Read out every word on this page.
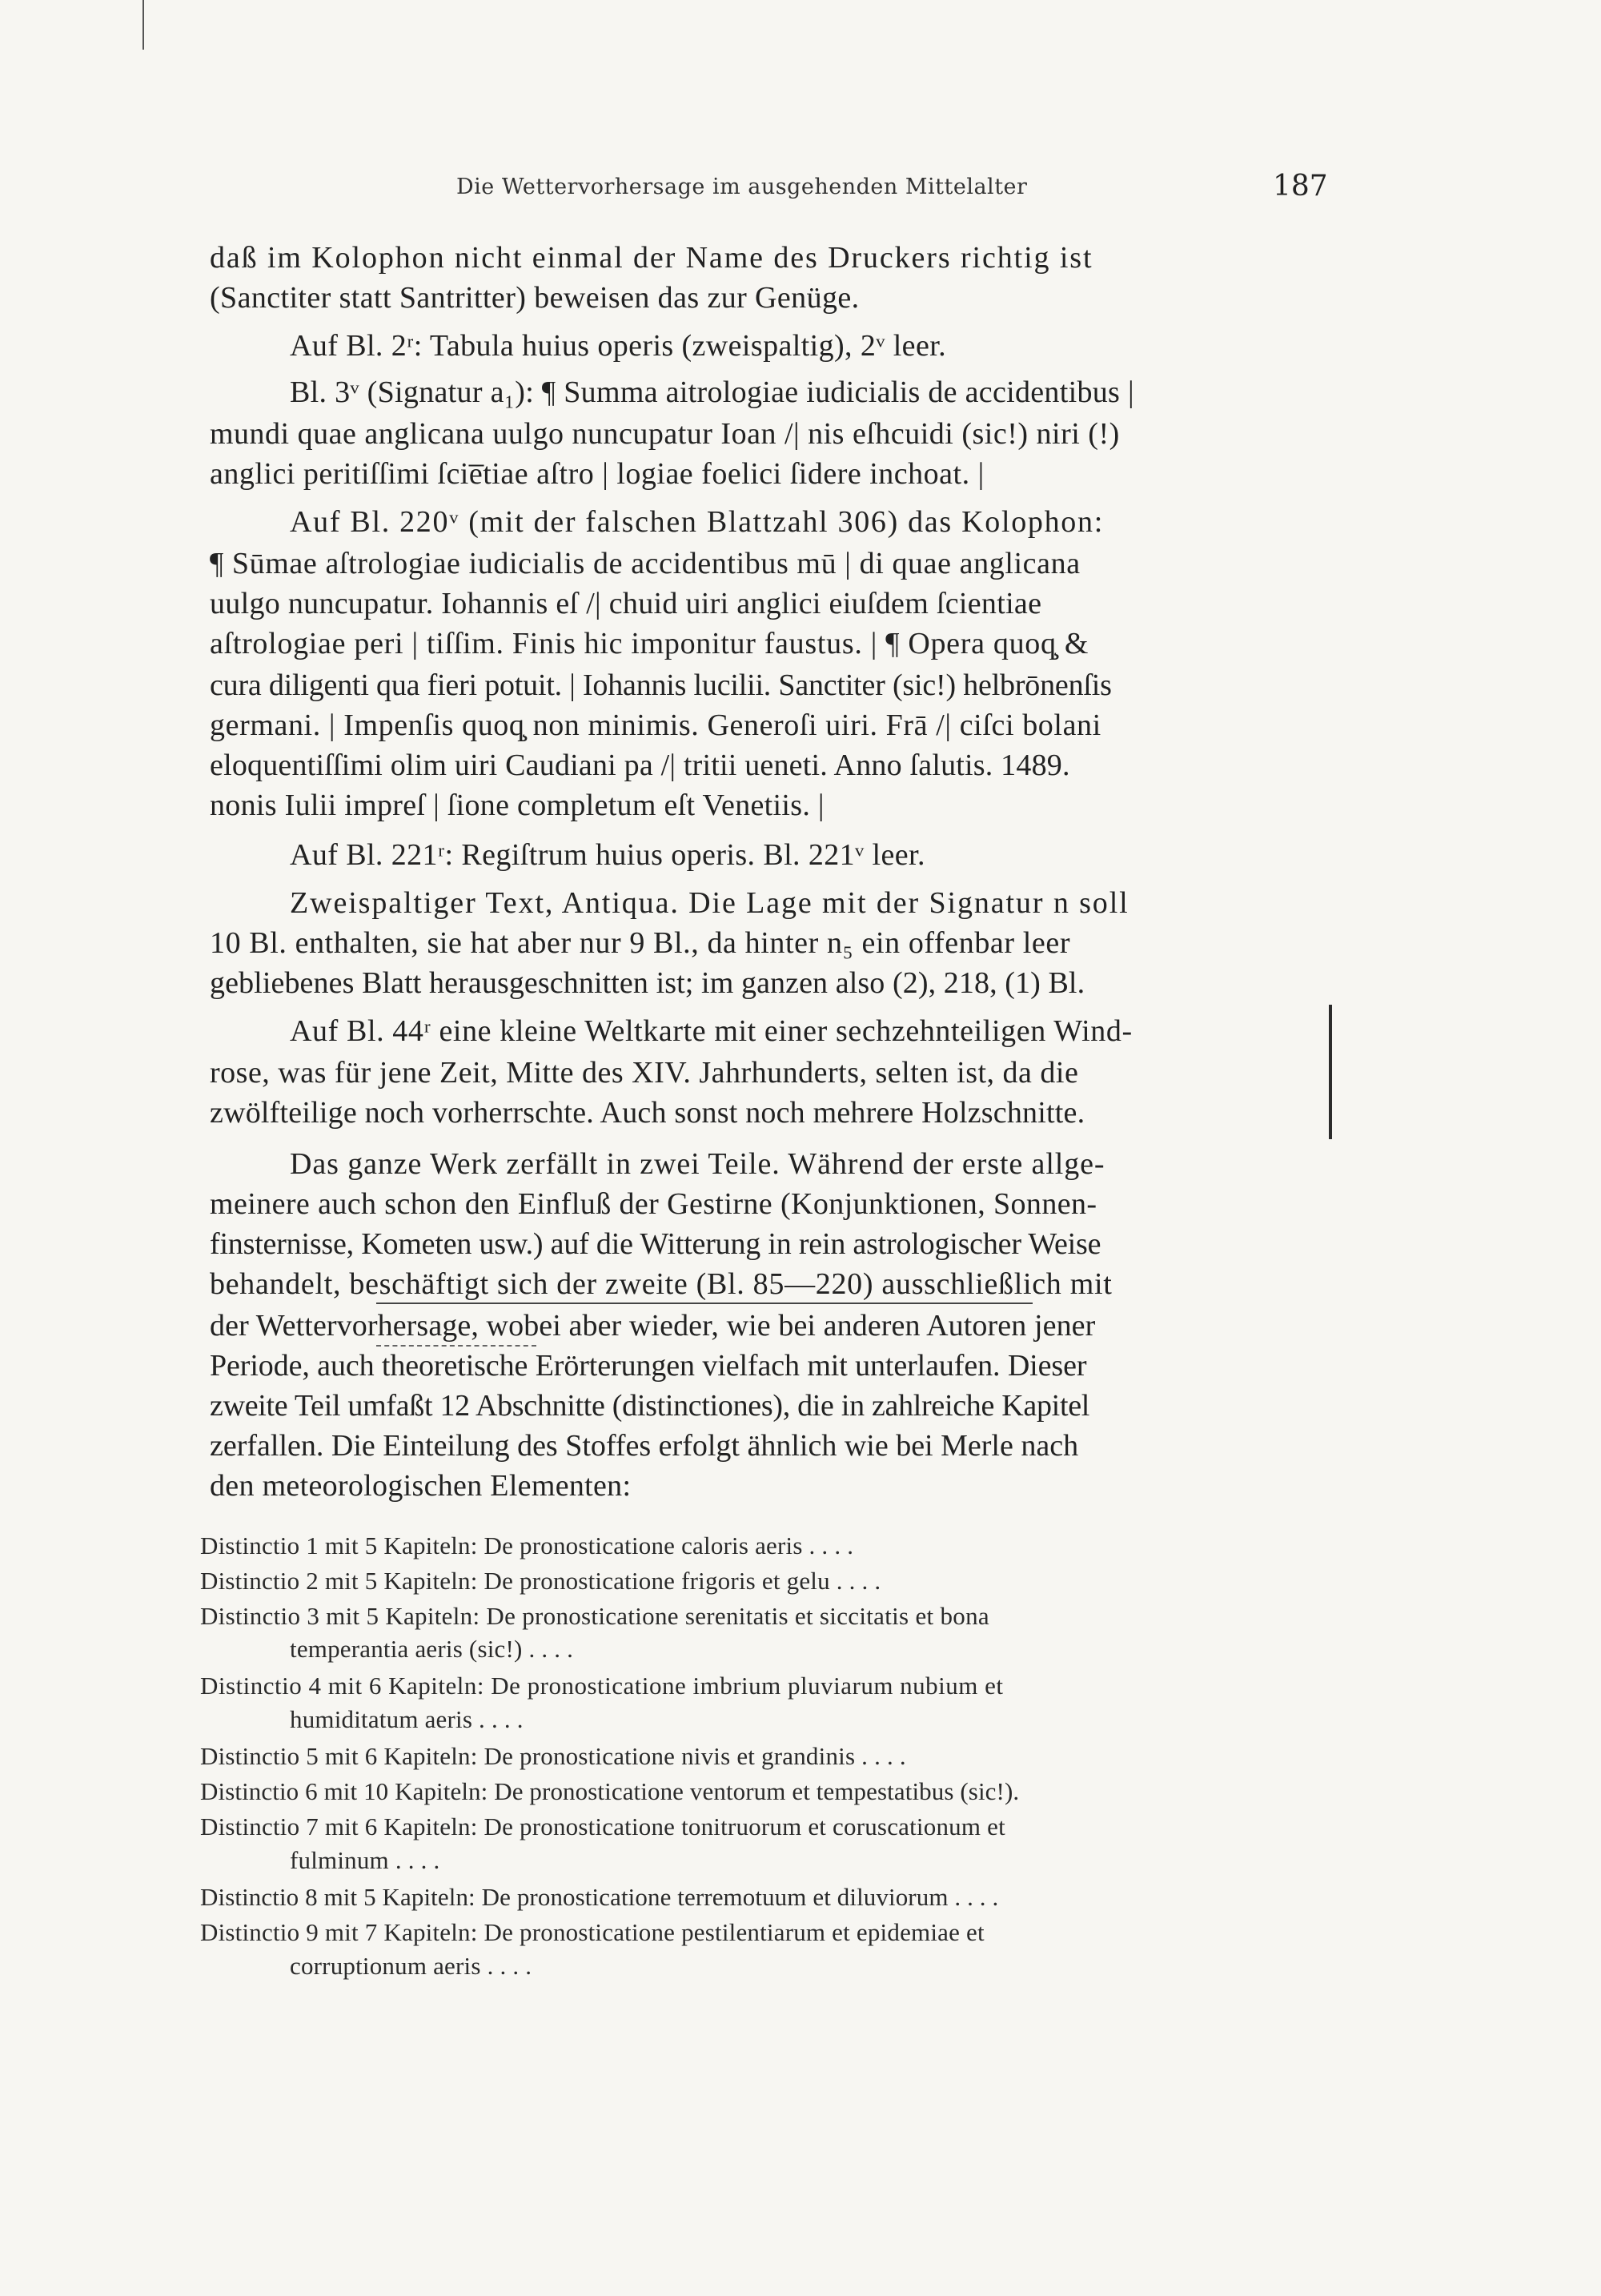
Die Wettervorhersage im ausgehenden Mittelalter	187
daß im Kolophon nicht einmal der Name des Druckers richtig ist
(Sanctiter statt Santritter) beweisen das zur Genüge.
Auf Bl. 2ʳ: Tabula huius operis (zweispaltig), 2ᵛ leer.
Bl. 3ᵛ (Signatur a₁): ¶ Summa aitrologiae iudicialis de accidentibus |
mundi quae anglicana uulgo nuncupatur Ioan /| nis eſhcuidi (sic!) niri (!)
anglici peritiſſimi ſcie̅tiae aſtro | logiae foelici ſidere inchoat. |
Auf Bl. 220ᵛ (mit der falschen Blattzahl 306) das Kolophon:
¶ Sūmae aſtrologiae iudicialis de accidentibus mū | di quae anglicana
uulgo nuncupatur. Iohannis eſ /| chuid uiri anglici eiuſdem ſcientiae
aſtrologiae peri | tiſſim. Finis hic imponitur faustus. | ¶ Opera quoq̧ &
cura diligenti qua fieri potuit. | Iohannis lucilii. Sanctiter (sic!) helbrōnenſis
germani. | Impenſis quoq̧ non minimis. Generoſi uiri. Frā /| ciſci bolani
eloquentiſſimi olim uiri Caudiani pa /| tritii ueneti. Anno ſalutis. 1489.
nonis Iulii impreſ | ſione completum eſt Venetiis. |
Auf Bl. 221ʳ: Regiſtrum huius operis. Bl. 221ᵛ leer.
Zweispaltiger Text, Antiqua. Die Lage mit der Signatur n soll
10 Bl. enthalten, sie hat aber nur 9 Bl., da hinter n₅ ein offenbar leer
gebliebenes Blatt herausgeschnitten ist; im ganzen also (2), 218, (1) Bl.
Auf Bl. 44ʳ eine kleine Weltkarte mit einer sechzehnteiligen Wind-
rose, was für jene Zeit, Mitte des XIV. Jahrhunderts, selten ist, da die
zwölfteilige noch vorherrschte. Auch sonst noch mehrere Holzschnitte.
Das ganze Werk zerfällt in zwei Teile. Während der erste allge-
meinere auch schon den Einfluß der Gestirne (Konjunktionen, Sonnen-
finsternisse, Kometen usw.) auf die Witterung in rein astrologischer Weise
behandelt, beschäftigt sich der zweite (Bl. 85—220) ausschließlich mit
der Wettervorhersage, wobei aber wieder, wie bei anderen Autoren jener
Periode, auch theoretische Erörterungen vielfach mit unterlaufen. Dieser
zweite Teil umfaßt 12 Abschnitte (distinctiones), die in zahlreiche Kapitel
zerfallen. Die Einteilung des Stoffes erfolgt ähnlich wie bei Merle nach
den meteorologischen Elementen:
Distinctio 1 mit 5 Kapiteln: De pronosticatione caloris aeris . . . .
Distinctio 2 mit 5 Kapiteln: De pronosticatione frigoris et gelu . . . .
Distinctio 3 mit 5 Kapiteln: De pronosticatione serenitatis et siccitatis et bona
temperantia aeris (sic!) . . . .
Distinctio 4 mit 6 Kapiteln: De pronosticatione imbrium pluviarum nubium et
humiditatum aeris . . . .
Distinctio 5 mit 6 Kapiteln: De pronosticatione nivis et grandinis . . . .
Distinctio 6 mit 10 Kapiteln: De pronosticatione ventorum et tempestatibus (sic!).
Distinctio 7 mit 6 Kapiteln: De pronosticatione tonitruorum et coruscationum et
fulminum . . . .
Distinctio 8 mit 5 Kapiteln: De pronosticatione terremotuum et diluviorum . . . .
Distinctio 9 mit 7 Kapiteln: De pronosticatione pestilentiarum et epidemiae et
corruptionum aeris . . . .
